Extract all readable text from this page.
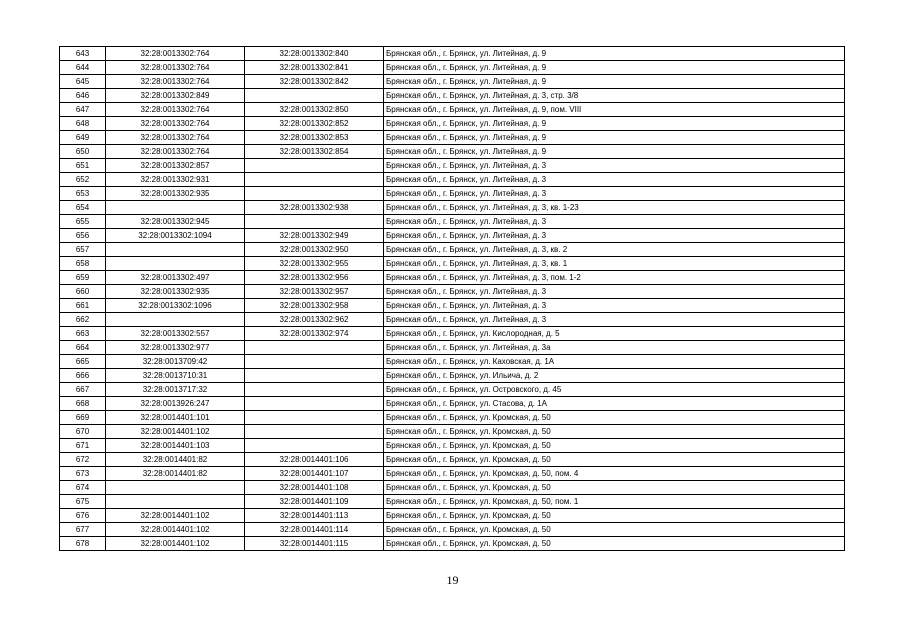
643	32:28:0013302:764	32:28:0013302:840	Брянская обл., г. Брянск, ул. Литейная, д. 9
644	32:28:0013302:764	32:28:0013302:841	Брянская обл., г. Брянск, ул. Литейная, д. 9
645	32:28:0013302:764	32:28:0013302:842	Брянская обл., г. Брянск, ул. Литейная, д. 9
646	32:28:0013302:849		Брянская обл., г. Брянск, ул. Литейная, д. 3, стр. 3/8
647	32:28:0013302:764	32:28:0013302:850	Брянская обл., г. Брянск, ул. Литейная, д. 9, пом. VIII
648	32:28:0013302:764	32:28:0013302:852	Брянская обл., г. Брянск, ул. Литейная, д. 9
649	32:28:0013302:764	32:28:0013302:853	Брянская обл., г. Брянск, ул. Литейная, д. 9
650	32:28:0013302:764	32:28:0013302:854	Брянская обл., г. Брянск, ул. Литейная, д. 9
651	32:28:0013302:857		Брянская обл., г. Брянск, ул. Литейная, д. 3
652	32:28:0013302:931		Брянская обл., г. Брянск, ул. Литейная, д. 3
653	32:28:0013302:935		Брянская обл., г. Брянск, ул. Литейная, д. 3
654		32:28:0013302:938	Брянская обл., г. Брянск, ул. Литейная, д. 3, кв. 1-23
655	32:28:0013302:945		Брянская обл., г. Брянск, ул. Литейная, д. 3
656	32:28:0013302:1094	32:28:0013302:949	Брянская обл., г. Брянск, ул. Литейная, д. 3
657		32:28:0013302:950	Брянская обл., г. Брянск, ул. Литейная, д. 3, кв. 2
658		32:28:0013302:955	Брянская обл., г. Брянск, ул. Литейная, д. 3, кв. 1
659	32:28:0013302:497	32:28:0013302:956	Брянская обл., г. Брянск, ул. Литейная, д. 3, пом. 1-2
660	32:28:0013302:935	32:28:0013302:957	Брянская обл., г. Брянск, ул. Литейная, д. 3
661	32:28:0013302:1096	32:28:0013302:958	Брянская обл., г. Брянск, ул. Литейная, д. 3
662		32:28:0013302:962	Брянская обл., г. Брянск, ул. Литейная, д. 3
663	32:28:0013302:557	32:28:0013302:974	Брянская обл., г. Брянск, ул. Кислородная, д. 5
664	32:28:0013302:977		Брянская обл., г. Брянск, ул. Литейная, д. 3а
665	32:28:0013709:42		Брянская обл., г. Брянск, ул. Каховская, д. 1А
666	32:28:0013710:31		Брянская обл., г. Брянск, ул. Ильича, д. 2
667	32:28:0013717:32		Брянская обл., г. Брянск, ул. Островского, д. 45
668	32:28:0013926:247		Брянская обл., г. Брянск, ул. Стасова, д. 1А
669	32:28:0014401:101		Брянская обл., г. Брянск, ул. Кромская, д. 50
670	32:28:0014401:102		Брянская обл., г. Брянск, ул. Кромская, д. 50
671	32:28:0014401:103		Брянская обл., г. Брянск, ул. Кромская, д. 50
672	32:28:0014401:82	32:28:0014401:106	Брянская обл., г. Брянск, ул. Кромская, д. 50
673	32:28:0014401:82	32:28:0014401:107	Брянская обл., г. Брянск, ул. Кромская, д. 50, пом. 4
674		32:28:0014401:108	Брянская обл., г. Брянск, ул. Кромская, д. 50
675		32:28:0014401:109	Брянская обл., г. Брянск, ул. Кромская, д. 50, пом. 1
676	32:28:0014401:102	32:28:0014401:113	Брянская обл., г. Брянск, ул. Кромская, д. 50
677	32:28:0014401:102	32:28:0014401:114	Брянская обл., г. Брянск, ул. Кромская, д. 50
678	32:28:0014401:102	32:28:0014401:115	Брянская обл., г. Брянск, ул. Кромская, д. 50
19
